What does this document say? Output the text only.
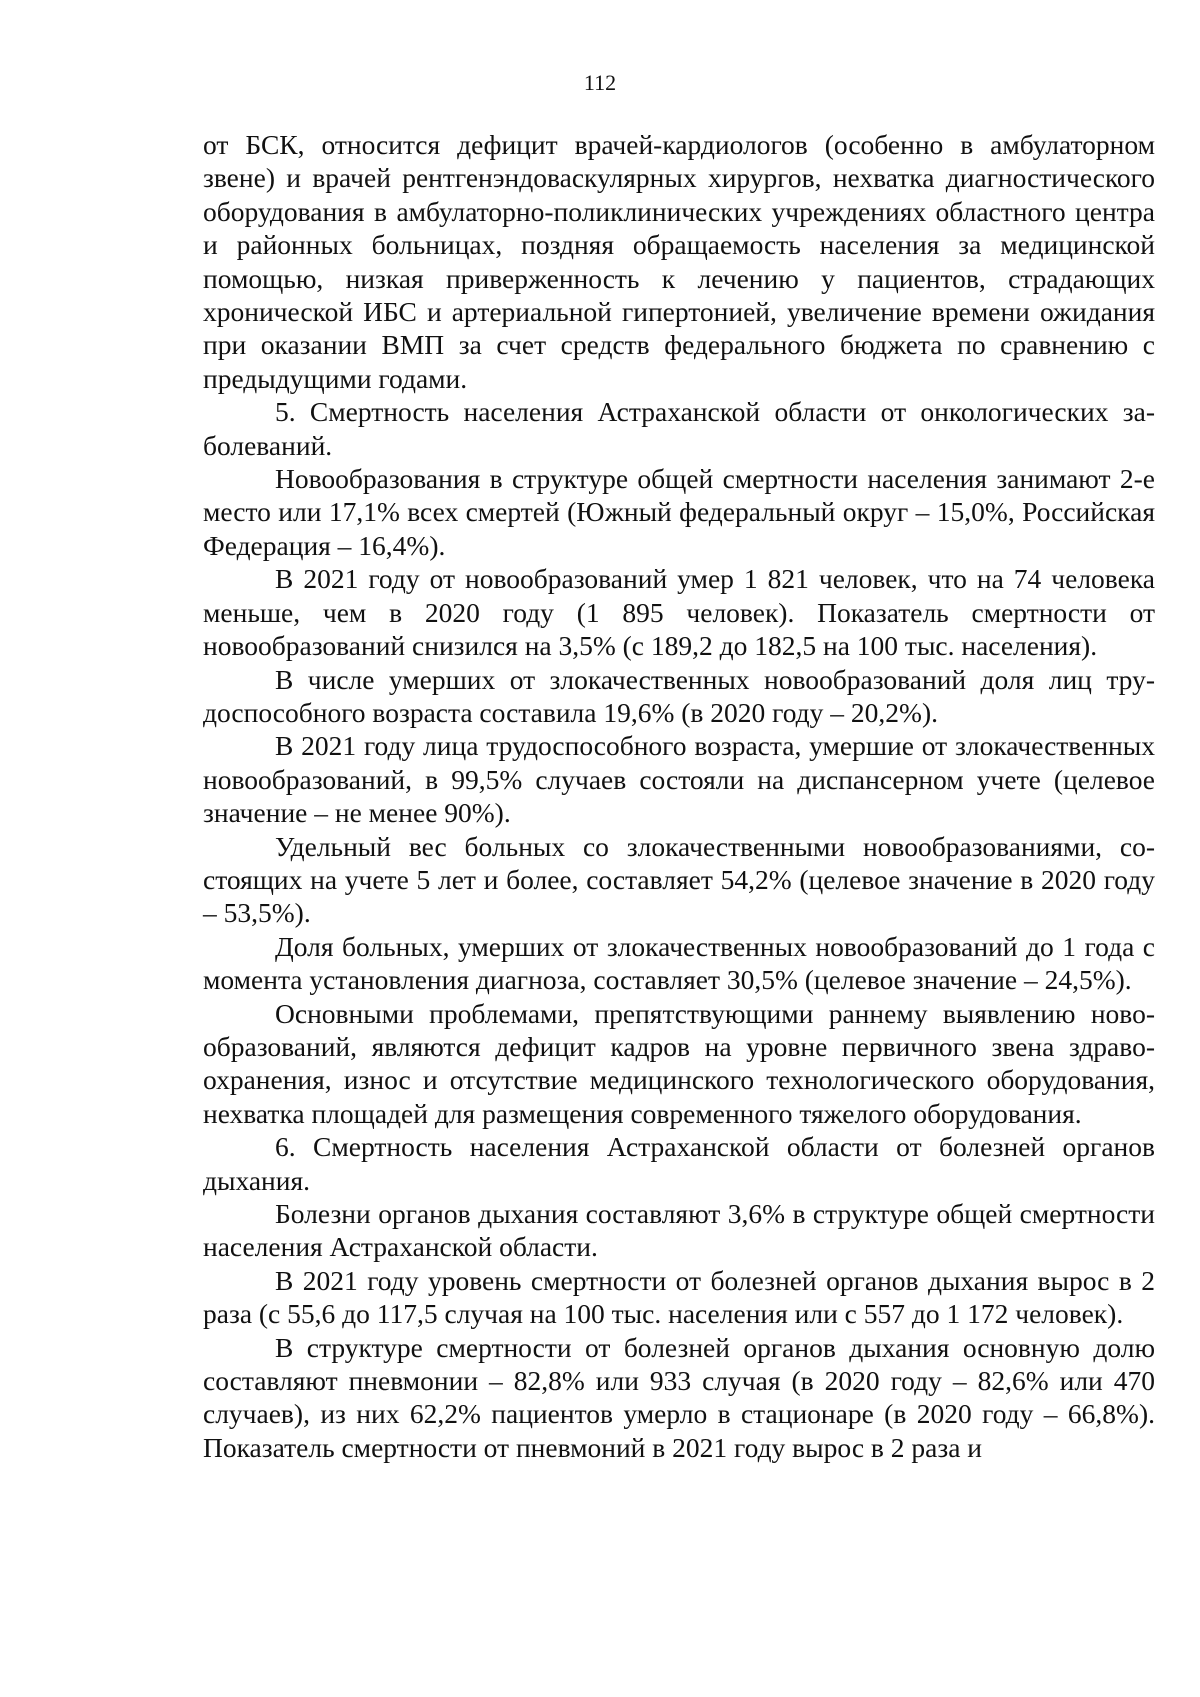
112

от БСК, относится дефицит врачей-кардиологов (особенно в амбулаторном звене) и врачей рентгенэндоваскулярных хирургов, нехватка диагностического оборудования в амбулаторно-поликлинических учреждениях областного центра и районных больницах, поздняя обращаемость населения за медицинской помощью, низкая приверженность к лечению у пациентов, страдающих хронической ИБС и артериальной гипертонией, увеличение времени ожидания при оказании ВМП за счет средств федерального бюджета по сравнению с предыдущими годами.

5. Смертность населения Астраханской области от онкологических заболеваний.

Новообразования в структуре общей смертности населения занимают 2-е место или 17,1% всех смертей (Южный федеральный округ – 15,0%, Российская Федерация – 16,4%).

В 2021 году от новообразований умер 1 821 человек, что на 74 человека меньше, чем в 2020 году (1 895 человек). Показатель смертности от новообразований снизился на 3,5% (с 189,2 до 182,5 на 100 тыс. населения).

В числе умерших от злокачественных новообразований доля лиц трудоспособного возраста составила 19,6% (в 2020 году – 20,2%).

В 2021 году лица трудоспособного возраста, умершие от злокачественных новообразований, в 99,5% случаев состояли на диспансерном учете (целевое значение – не менее 90%).

Удельный вес больных со злокачественными новообразованиями, состоящих на учете 5 лет и более, составляет 54,2% (целевое значение в 2020 году – 53,5%).

Доля больных, умерших от злокачественных новообразований до 1 года с момента установления диагноза, составляет 30,5% (целевое значение – 24,5%).

Основными проблемами, препятствующими раннему выявлению новообразований, являются дефицит кадров на уровне первичного звена здравоохранения, износ и отсутствие медицинского технологического оборудования, нехватка площадей для размещения современного тяжелого оборудования.

6. Смертность населения Астраханской области от болезней органов дыхания.

Болезни органов дыхания составляют 3,6% в структуре общей смертности населения Астраханской области.

В 2021 году уровень смертности от болезней органов дыхания вырос в 2 раза (с 55,6 до 117,5 случая на 100 тыс. населения или с 557 до 1 172 человек).

В структуре смертности от болезней органов дыхания основную долю составляют пневмонии – 82,8% или 933 случая (в 2020 году – 82,6% или 470 случаев), из них 62,2% пациентов умерло в стационаре (в 2020 году – 66,8%). Показатель смертности от пневмоний в 2021 году вырос в 2 раза и
